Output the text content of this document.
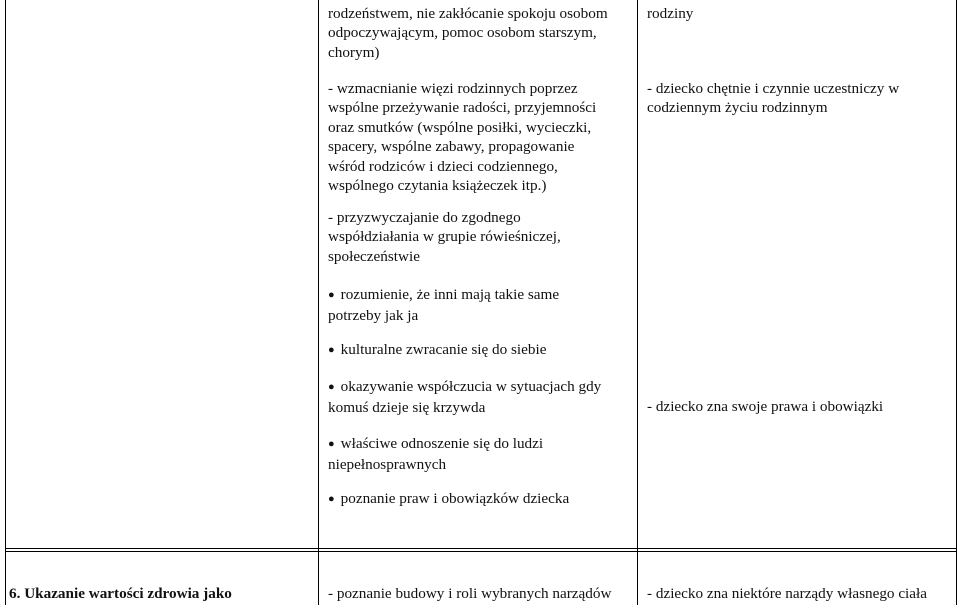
rodzeństwem, nie zakłócanie spokoju osobom

odpoczywającym, pomoc osobom starszym,

chorym)

- wzmacnianie więzi rodzinnych poprzez

wspólne przeżywanie radości, przyjemności

oraz smutków (wspólne posiłki, wycieczki,

spacery, wspólne zabawy, propagowanie

wśród rodziców i dzieci codziennego,

wspólnego czytania książeczek itp.)

- przyzwyczajanie do zgodnego

współdziałania w grupie rówieśniczej,

społeczeństwie

● rozumienie, że inni mają takie same

potrzeby jak ja

● kulturalne zwracanie się do siebie

● okazywanie współczucia w sytuacjach gdy

komuś dzieje się krzywda

● właściwe odnoszenie się do ludzi

niepełnosprawnych

● poznanie praw i obowiązków dziecka

rodziny

- dziecko chętnie i czynnie uczestniczy w

codziennym życiu rodzinnym

- dziecko zna swoje prawa i obowiązki

6. Ukazanie wartości zdrowia jako	- poznanie budowy i roli wybranych narządów - dziecko zna niektóre narządy własnego ciała
